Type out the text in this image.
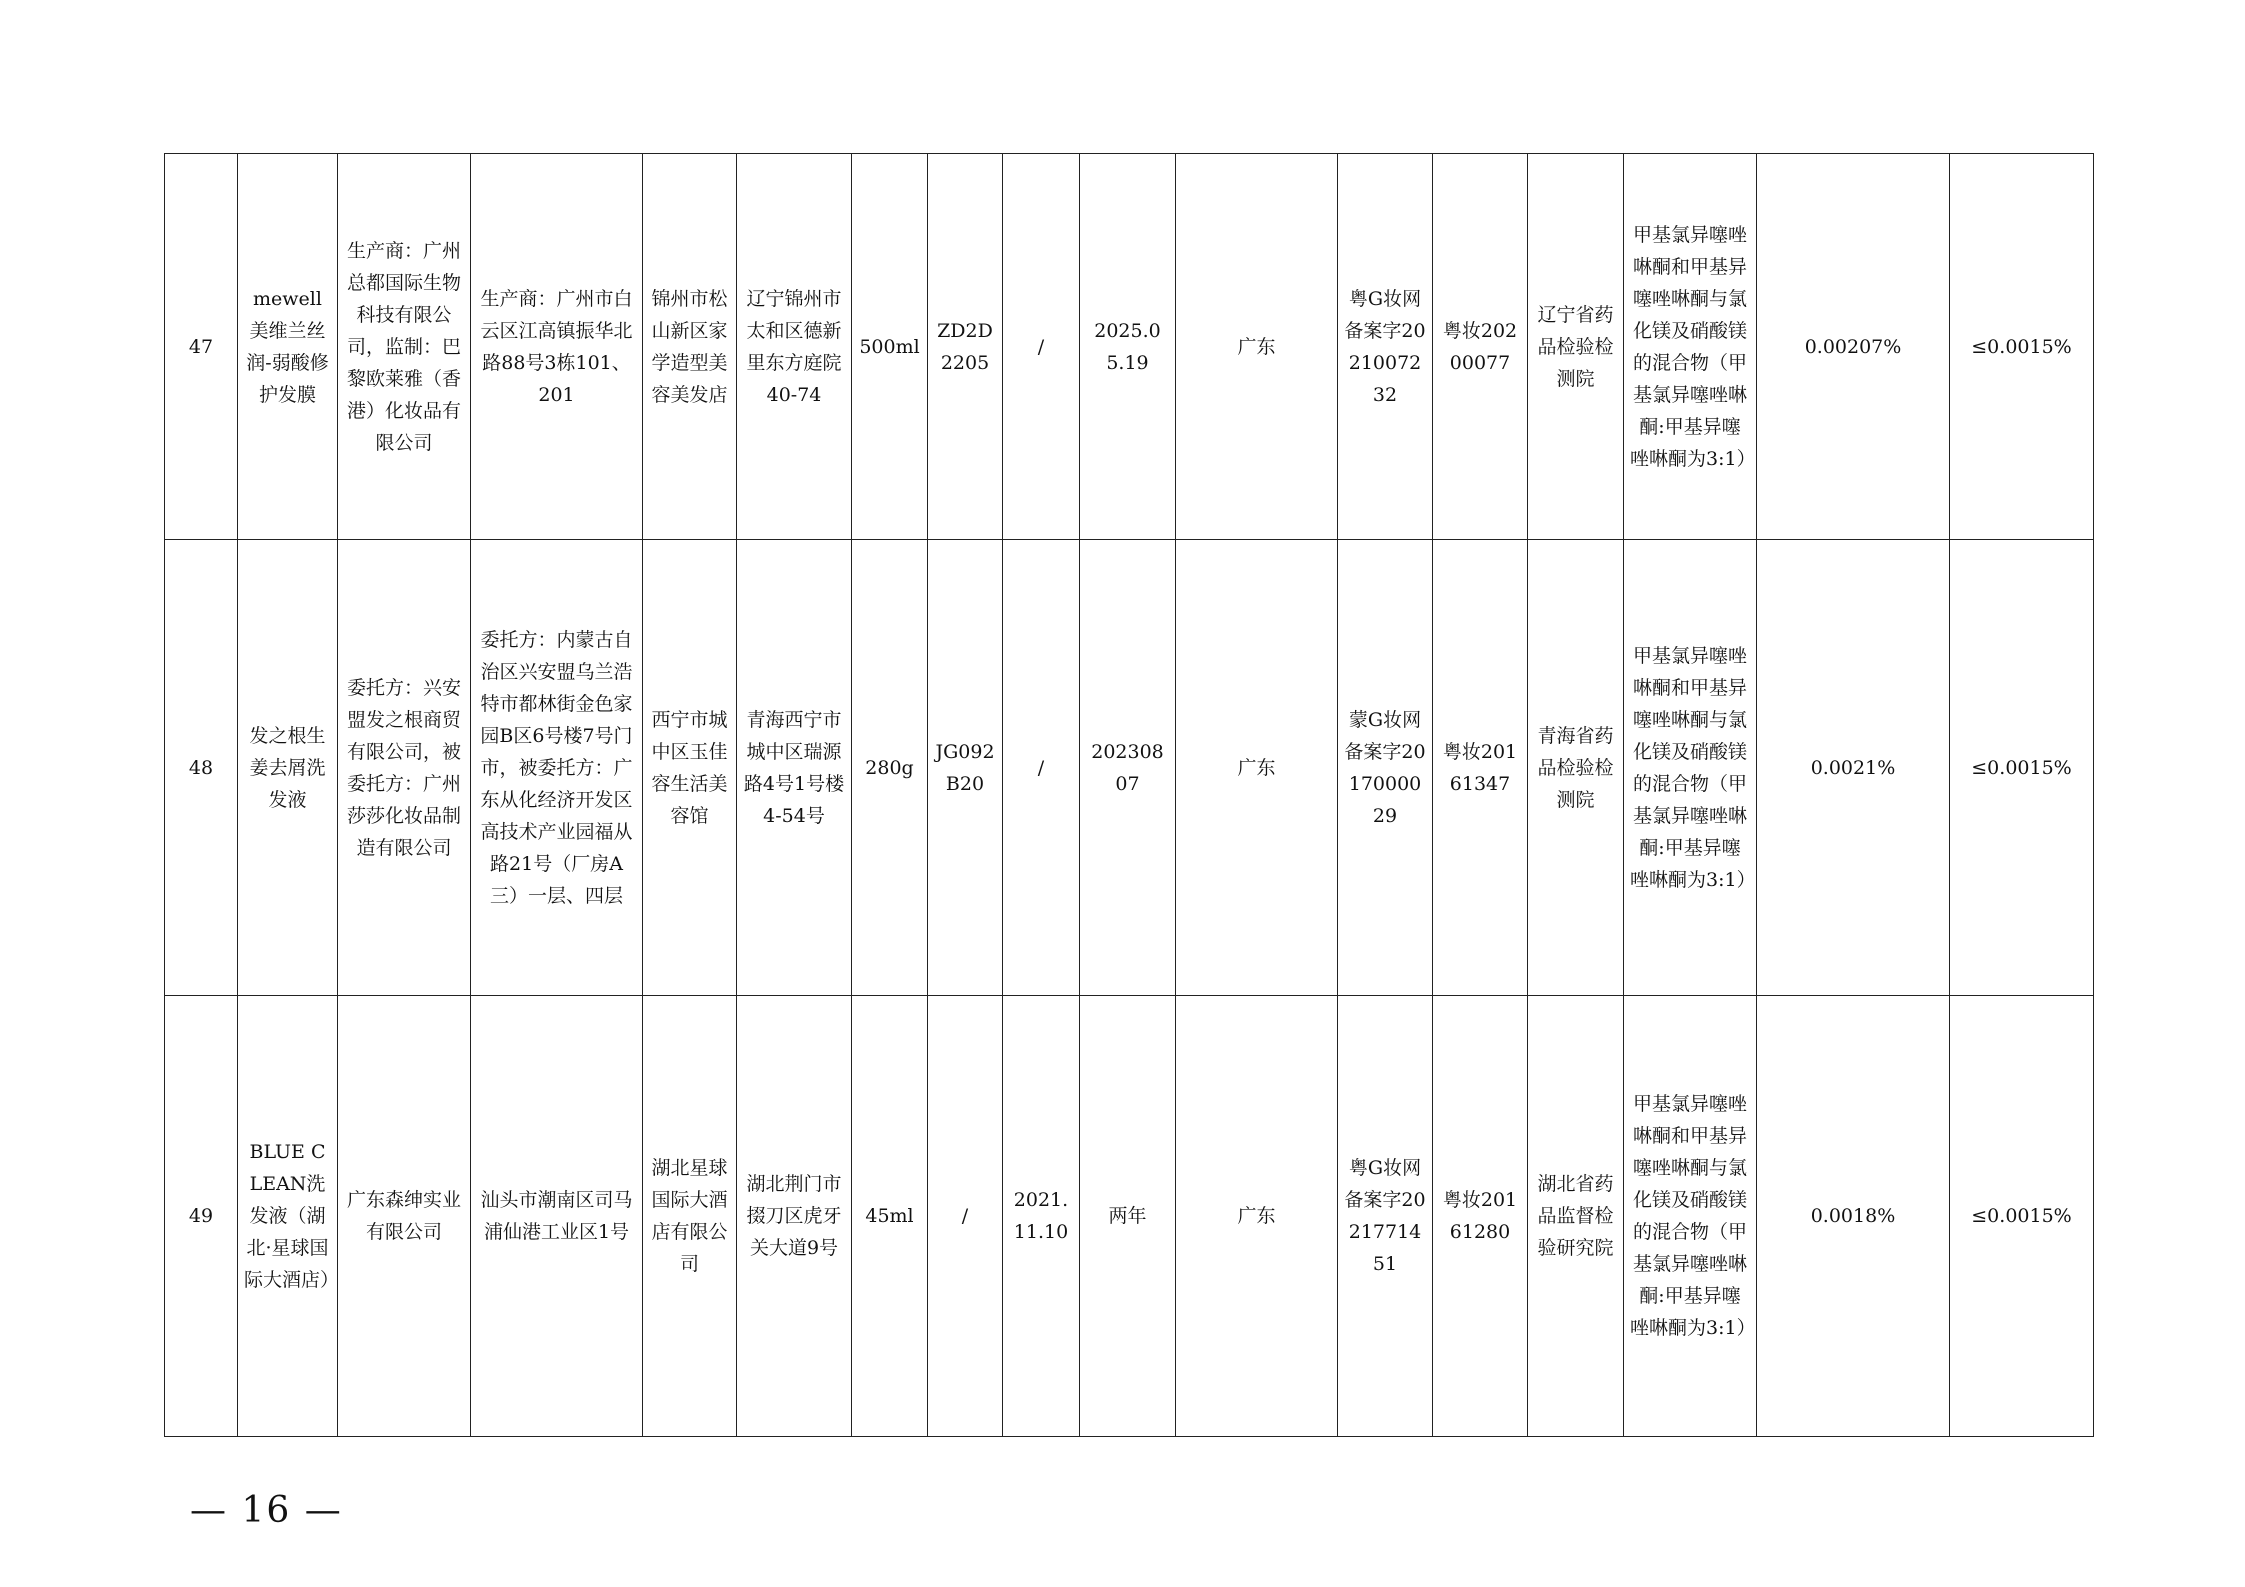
47	mewell美维兰丝润-弱酸修护发膜	生产商：广州总都国际生物科技有限公司，监制：巴黎欧莱雅（香港）化妆品有限公司	生产商：广州市白云区江高镇振华北路88号3栋101、201	锦州市松山新区家学造型美容美发店	辽宁锦州市太和区德新里东方庭院40-74	500ml	ZD2D2205	/	2025.05.19	广东	粤G妆网备案字2021007232	粤妆20200077	辽宁省药品检验检测院	甲基氯异噻唑啉酮和甲基异噻唑啉酮与氯化镁及硝酸镁的混合物（甲基氯异噻唑啉酮:甲基异噻唑啉酮为3:1）	0.00207%	≤0.0015%
48	发之根生姜去屑洗发液	委托方：兴安盟发之根商贸有限公司，被委托方：广州莎莎化妆品制造有限公司	委托方：内蒙古自治区兴安盟乌兰浩特市都林街金色家园B区6号楼7号门市，被委托方：广东从化经济开发区高技术产业园福从路21号（厂房A三）一层、四层	西宁市城中区玉佳容生活美容馆	青海西宁市城中区瑞源路4号1号楼4-54号	280g	JG092B20	/	20230807	广东	蒙G妆网备案字2017000029	粤妆20161347	青海省药品检验检测院	甲基氯异噻唑啉酮和甲基异噻唑啉酮与氯化镁及硝酸镁的混合物（甲基氯异噻唑啉酮:甲基异噻唑啉酮为3:1）	0.0021%	≤0.0015%
49	BLUE CLEAN洗发液（湖北·星球国际大酒店）	广东森绅实业有限公司	汕头市潮南区司马浦仙港工业区1号	湖北星球国际大酒店有限公司	湖北荆门市掇刀区虎牙关大道9号	45ml	/	2021.11.10	两年	广东	粤G妆网备案字2021771451	粤妆20161280	湖北省药品监督检验研究院	甲基氯异噻唑啉酮和甲基异噻唑啉酮与氯化镁及硝酸镁的混合物（甲基氯异噻唑啉酮:甲基异噻唑啉酮为3:1）	0.0018%	≤0.0015%
— 16 —
